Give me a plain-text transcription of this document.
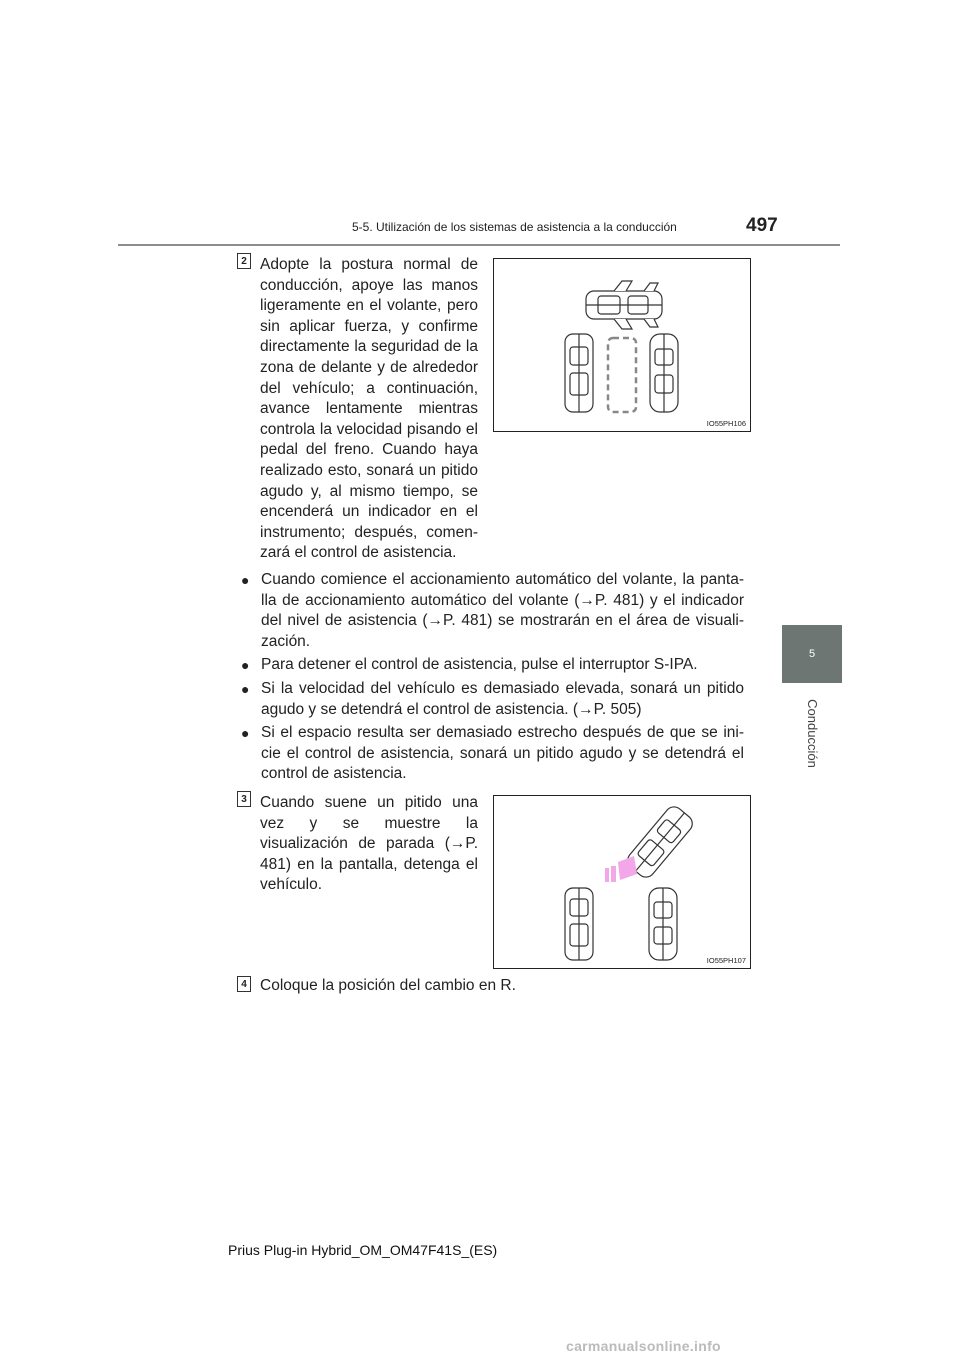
5-5. Utilización de los sistemas de asistencia a la conducción	497
5
Conducción
2 Adopte la postura normal de conducción, apoye las manos ligeramente en el volante, pero sin aplicar fuerza, y confirme directamente la seguridad de la zona de delante y de alrededor del vehículo; a continuación, avance lentamente mientras controla la velocidad pisando el pedal del freno. Cuando haya realizado esto, sonará un pitido agudo y, al mismo tiempo, se encenderá un indicador en el instrumento; después, comen-zará el control de asistencia.
IO55PH106
● Cuando comience el accionamiento automático del volante, la panta-lla de accionamiento automático del volante (→P. 481) y el indicador del nivel de asistencia (→P. 481) se mostrarán en el área de visuali-zación.
● Para detener el control de asistencia, pulse el interruptor S-IPA.
● Si la velocidad del vehículo es demasiado elevada, sonará un pitido agudo y se detendrá el control de asistencia. (→P. 505)
● Si el espacio resulta ser demasiado estrecho después de que se ini-cie el control de asistencia, sonará un pitido agudo y se detendrá el control de asistencia.
3 Cuando suene un pitido una vez y se muestre la visualización de parada (→P. 481) en la pantalla, detenga el vehículo.
IO55PH107
4 Coloque la posición del cambio en R.
Prius Plug-in Hybrid_OM_OM47F41S_(ES)
carmanualsonline.info
